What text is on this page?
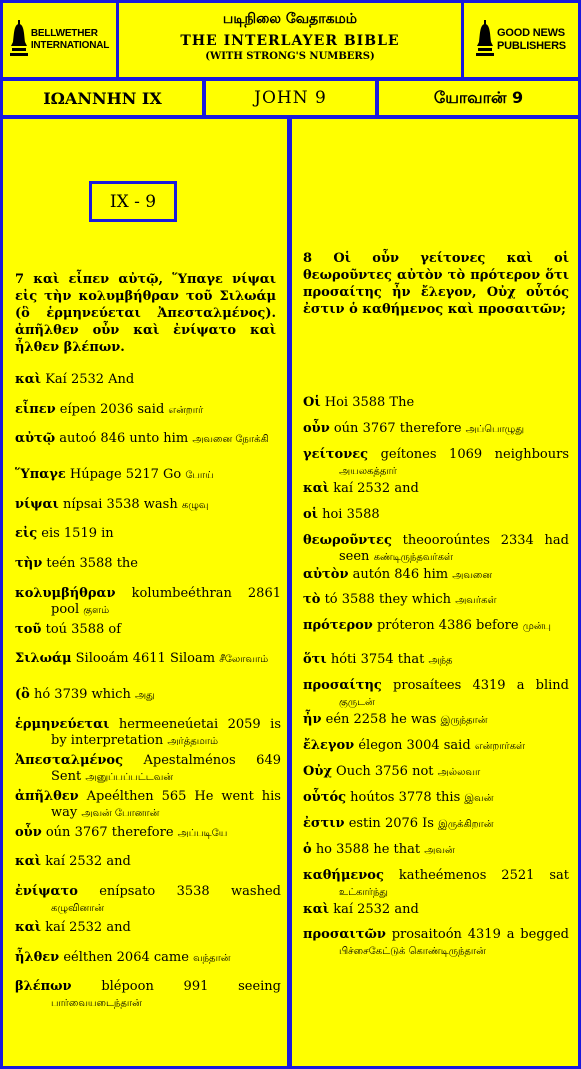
BELLWETHER
INTERNATIONAL
படிநிலை வேதாகமம்
THE INTERLAYER BIBLE
(WITH STRONG'S NUMBERS)
GOOD NEWS
PUBLISHERS
ΙΩΑΝΝΗΝ IX	JOHN 9	யோவான் 9
IX - 9
7 καὶ εἶπεν αὐτῷ, Ὕπαγε νίψαι εἰς τὴν κολυμβήθραν τοῦ Σιλωάμ (ὃ ἑρμηνεύεται Ἀπεσταλμένος). ἀπῆλθεν οὖν καὶ ἐνίψατο καὶ ἦλθεν βλέπων.
καὶ Kaí 2532 And
εἶπεν eípen 2036 said என்றார்
αὐτῷ autoó 846 unto him அவனை நோக்கி
Ὕπαγε Húpage 5217 Go போய்
νίψαι nípsai 3538 wash கழுவு
εἰς eis 1519 in
τὴν teén 3588 the
κολυμβήθραν kolumbeéthran 2861 pool குளம்
τοῦ toú 3588 of
Σιλωάμ Silooám 4611 Siloam சீலோவாம்
(ὃ hó 3739 which அது
ἑρμηνεύεται hermeeneúetai 2059 is by interpretation அர்த்தமாம்
Ἀπεσταλμένος Apestalménos 649 Sent அனுப்பப்பட்டவன்
ἀπῆλθεν Apeélthen 565 He went his way அவன் போனான்
οὖν oún 3767 therefore அப்படியே
καὶ kaí 2532 and
ἐνίψατο enípsato 3538 washed கழுவினான்
καὶ kaí 2532 and
ἦλθεν eélthen 2064 came வந்தான்
βλέπων blépoon 991 seeing பார்வையடைந்தான்
8 Οἱ οὖν γείτονες καὶ οἱ θεωροῦντες αὐτὸν τὸ πρότερον ὅτι προσαίτης ἦν ἔλεγον, Οὐχ οὗτός ἐστιν ὁ καθήμενος καὶ προσαιτῶν;
Οἱ Hoi 3588 The
οὖν oún 3767 therefore அப்பொழுது
γείτονες geítones 1069 neighbours அயலகத்தார்
καὶ kaí 2532 and
οἱ hoi 3588
θεωροῦντες theooroúntes 2334 had seen கண்டிருந்தவர்கள்
αὐτὸν autón 846 him அவனை
τὸ tó 3588 they which அவர்கள்
πρότερον próteron 4386 before முன்பு
ὅτι hóti 3754 that அந்த
προσαίτης prosaítees 4319 a blind குருடன்
ἦν eén 2258 he was இருந்தான்
ἔλεγον élegon 3004 said என்றார்கள்
Οὐχ Ouch 3756 not அல்லவா
οὗτός hoútos 3778 this இவன்
ἐστιν estin 2076 Is இருக்கிறான்
ὁ ho 3588 he that அவன்
καθήμενος katheémenos 2521 sat உட்கார்ந்து
καὶ kaí 2532 and
προσαιτῶν prosaitoón 4319 a begged பிச்சைகேட்டுக் கொண்டிருந்தான்
